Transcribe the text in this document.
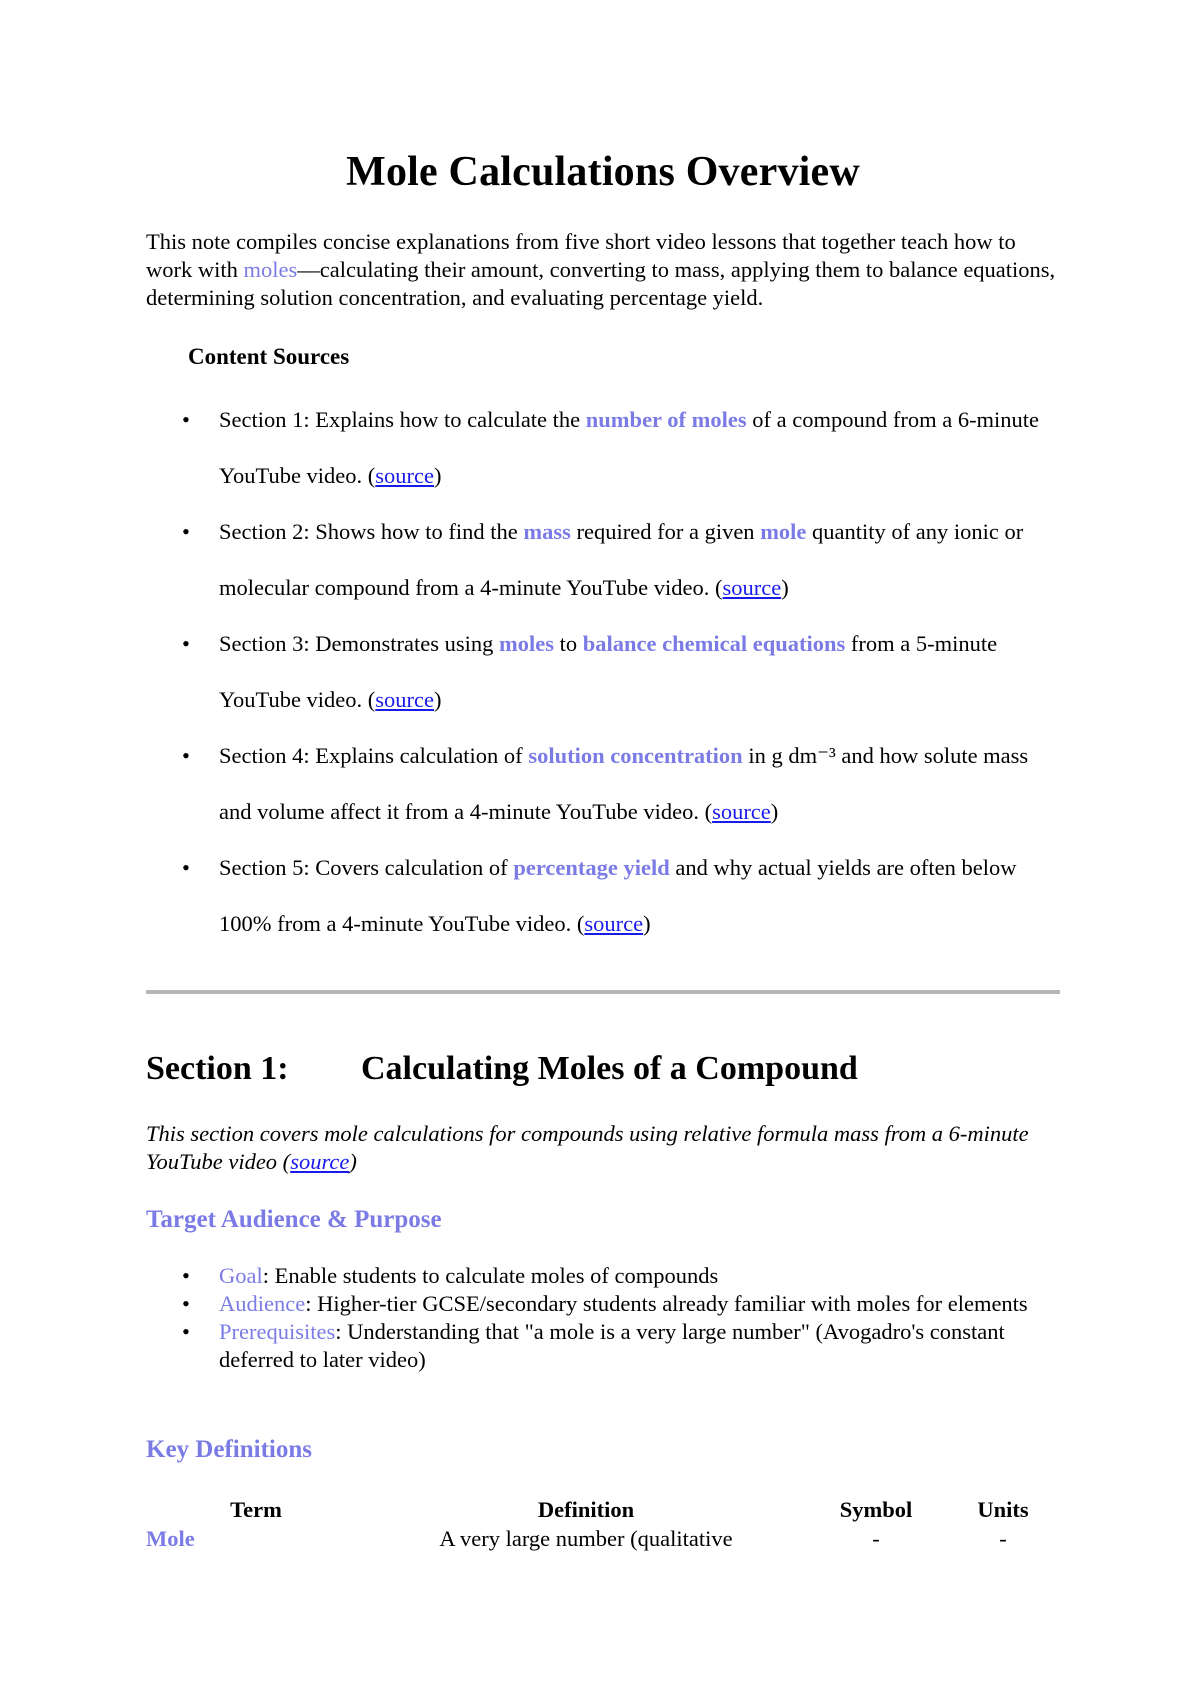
Mole Calculations Overview

This note compiles concise explanations from five short video lessons that together teach how to work with moles—calculating their amount, converting to mass, applying them to balance equations, determining solution concentration, and evaluating percentage yield.

Content Sources
• Section 1: Explains how to calculate the number of moles of a compound from a 6-minute YouTube video. (source)
• Section 2: Shows how to find the mass required for a given mole quantity of any ionic or molecular compound from a 4-minute YouTube video. (source)
• Section 3: Demonstrates using moles to balance chemical equations from a 5-minute YouTube video. (source)
• Section 4: Explains calculation of solution concentration in g dm⁻³ and how solute mass and volume affect it from a 4-minute YouTube video. (source)
• Section 5: Covers calculation of percentage yield and why actual yields are often below 100% from a 4-minute YouTube video. (source)
Section 1: Calculating Moles of a Compound

This section covers mole calculations for compounds using relative formula mass from a 6-minute YouTube video (source)

Target Audience & Purpose
• Goal: Enable students to calculate moles of compounds
• Audience: Higher-tier GCSE/secondary students already familiar with moles for elements
• Prerequisites: Understanding that "a mole is a very large number" (Avogadro's constant deferred to later video)
Key Definitions
Term	Definition	Symbol	Units
Mole	A very large number (qualitative	-	-
